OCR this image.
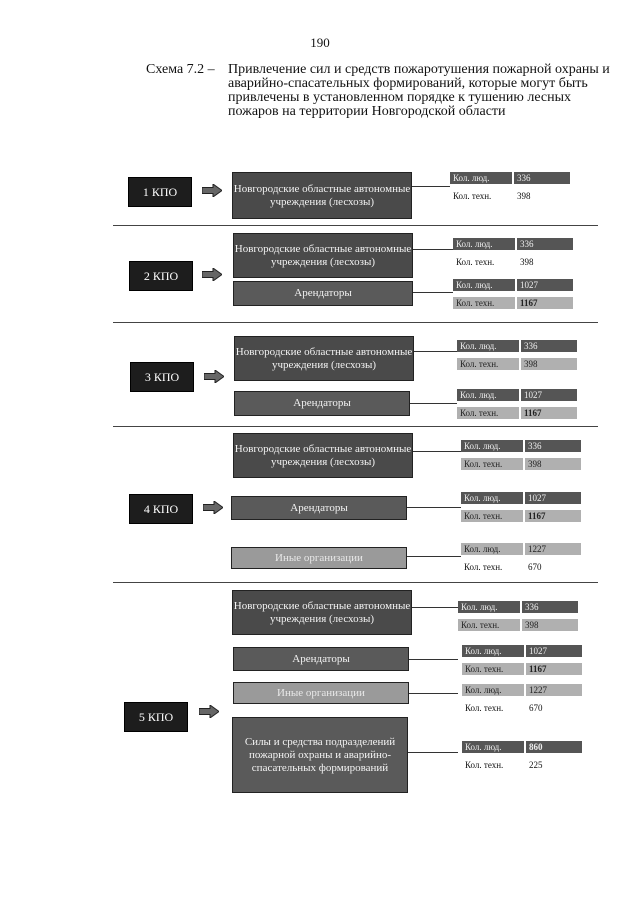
190
Схема 7.2 – Привлечение сил и средств пожаротушения пожарной охраны и аварийно-спасательных формирований, которые могут быть привлечены в установленном порядке к тушению лесных пожаров на территории Новгородской области
1 КПО	Новгородские областные автономные учреждения (лесхозы)
Кол. люд.	336
Кол. техн.	398
2 КПО
Новгородские областные автономные учреждения (лесхозы)
Арендаторы
Кол. люд.	336
Кол. техн.	398
Кол. люд.	1027
Кол. техн.	1167
3 КПО
Новгородские областные автономные учреждения (лесхозы)
Арендаторы
Кол. люд.	336
Кол. техн.	398
Кол. люд.	1027
Кол. техн.	1167
4 КПО
Новгородские областные автономные учреждения (лесхозы)
Арендаторы
Иные организации
Кол. люд.	336
Кол. техн.	398
Кол. люд.	1027
Кол. техн.	1167
Кол. люд.	1227
Кол. техн.	670
5 КПО
Новгородские областные автономные учреждения (лесхозы)
Арендаторы
Иные организации
Силы и средства подразделений пожарной охраны и аварийно-спасательных формирований
Кол. люд.	336
Кол. техн.	398
Кол. люд.	1027
Кол. техн.	1167
Кол. люд.	1227
Кол. техн.	670
Кол. люд.	860
Кол. техн.	225
